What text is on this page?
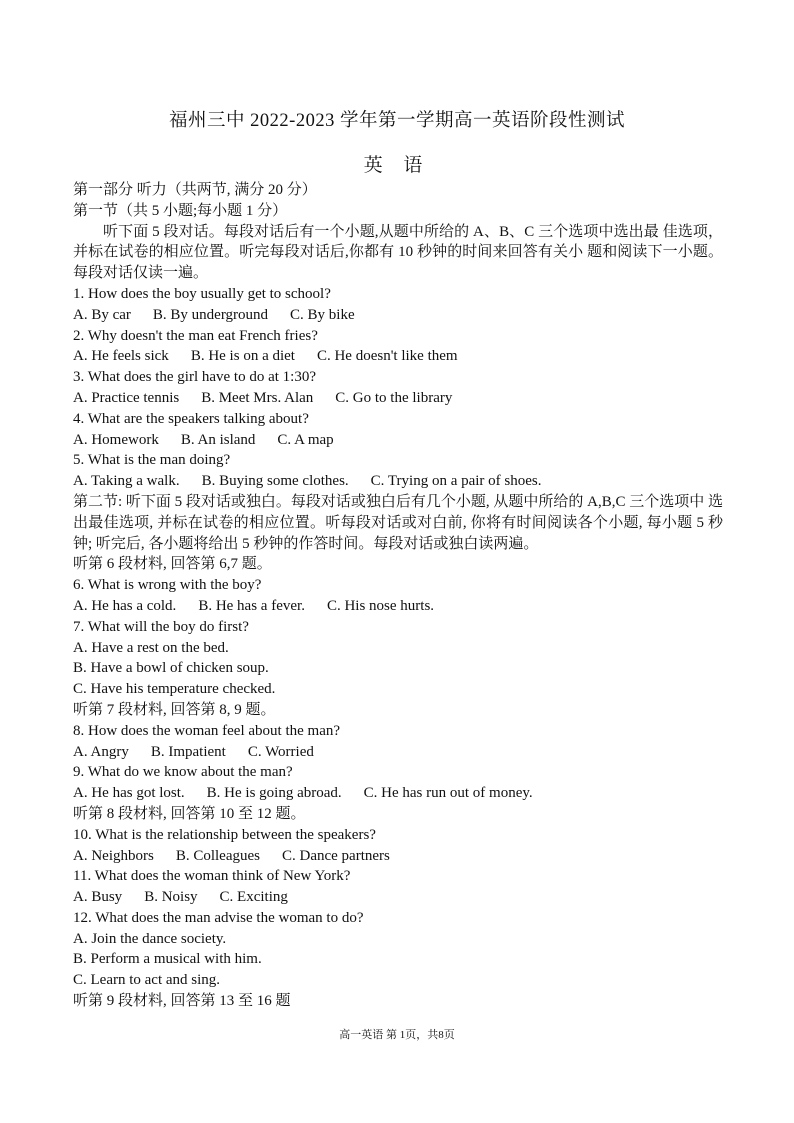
福州三中 2022-2023 学年第一学期高一英语阶段性测试
英 语
第一部分 听力（共两节, 满分 20 分）
第一节（共 5 小题;每小题 1 分）
听下面 5 段对话。每段对话后有一个小题,从题中所给的 A、B、C 三个选项中选出最 佳选项，并标在试卷的相应位置。听完每段对话后,你都有 10 秒钟的时间来回答有关小 题和阅读下一小题。每段对话仅读一遍。
1. How does the boy usually get to school?
A. By car B. By underground C. By bike
2. Why doesn't the man eat French fries?
A. He feels sick B. He is on a diet C. He doesn't like them
3. What does the girl have to do at 1:30?
A. Practice tennis B. Meet Mrs. Alan C. Go to the library
4. What are the speakers talking about?
A. Homework B. An island C. A map
5. What is the man doing?
A. Taking a walk. B. Buying some clothes. C. Trying on a pair of shoes.
第二节: 听下面 5 段对话或独白。每段对话或独白后有几个小题, 从题中所给的 A,B,C 三个选项中 选出最佳选项, 并标在试卷的相应位置。听每段对话或对白前, 你将有时间阅读各个小题, 每小题 5 秒钟; 听完后, 各小题将给出 5 秒钟的作答时间。每段对话或独白读两遍。
听第 6 段材料, 回答第 6,7 题。
6. What is wrong with the boy?
A. He has a cold. B. He has a fever. C. His nose hurts.
7. What will the boy do first?
A. Have a rest on the bed.
B. Have a bowl of chicken soup.
C. Have his temperature checked.
听第 7 段材料, 回答第 8, 9 题。
8. How does the woman feel about the man?
A. Angry B. Impatient C. Worried
9. What do we know about the man?
A. He has got lost. B. He is going abroad. C. He has run out of money.
听第 8 段材料, 回答第 10 至 12 题。
10. What is the relationship between the speakers?
A. Neighbors B. Colleagues C. Dance partners
11. What does the woman think of New York?
A. Busy B. Noisy C. Exciting
12. What does the man advise the woman to do?
A. Join the dance society.
B. Perform a musical with him.
C. Learn to act and sing.
听第 9 段材料, 回答第 13 至 16 题
高一英语 第 1页，共8页
